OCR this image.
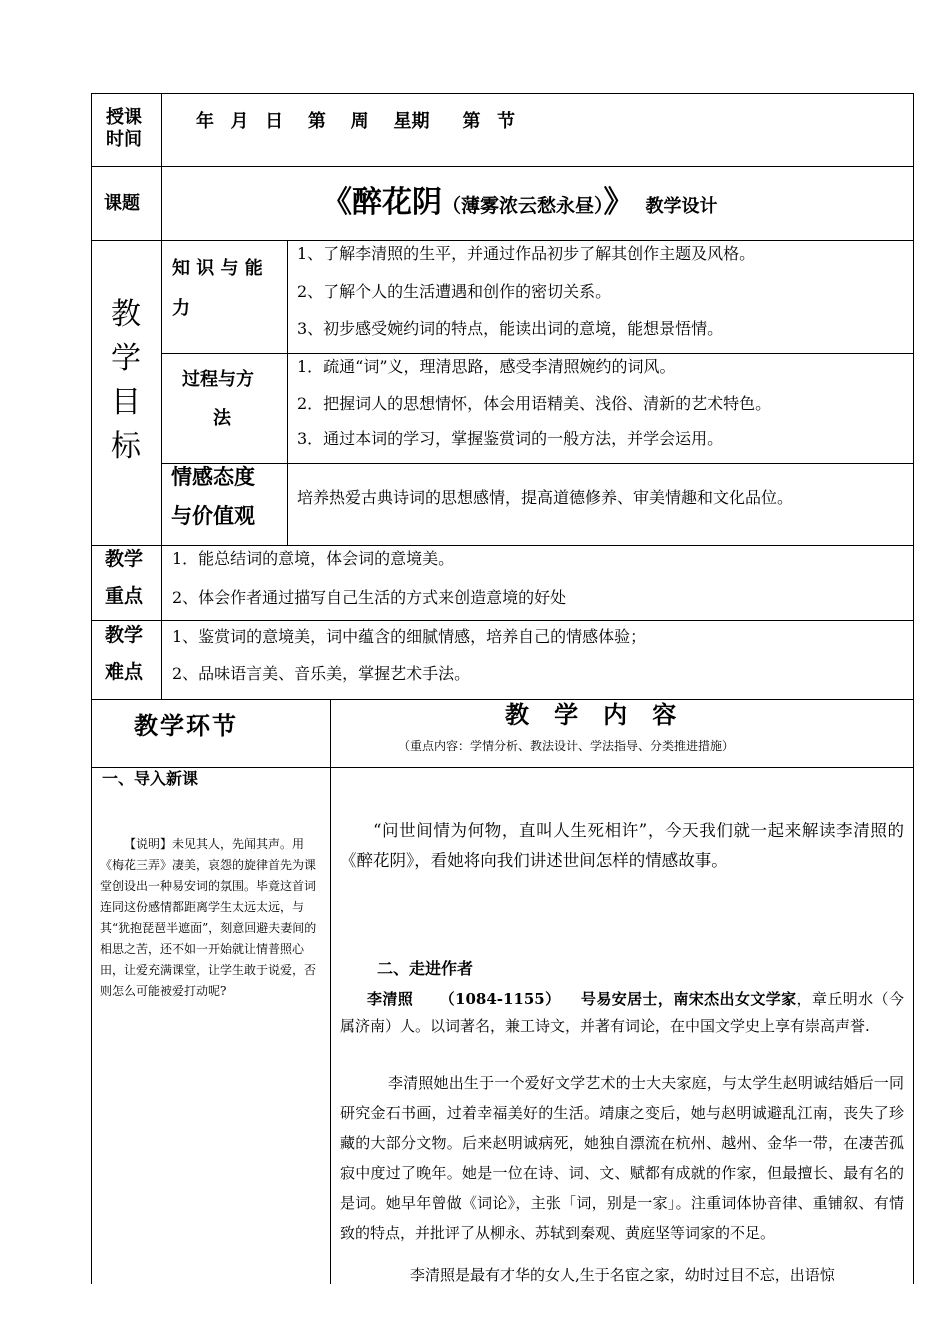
授课
时间
年  月  日   第   周   星期    第  节
课题	《醉花阴（薄雾浓云愁永昼）》 教学设计
教
学
目
标
知 识 与 能
力
1、了解李清照的生平，并通过作品初步了解其创作主题及风格。
2、了解个人的生活遭遇和创作的密切关系。
3、初步感受婉约词的特点，能读出词的意境，能想景悟情。
过程与方
法
1．疏通“词”义，理清思路，感受李清照婉约的词风。
2．把握词人的思想情怀，体会用语精美、浅俗、清新的艺术特色。
3．通过本词的学习，掌握鉴赏词的一般方法，并学会运用。
情感态度
与价值观
培养热爱古典诗词的思想感情，提高道德修养、审美情趣和文化品位。
教学
重点
1．能总结词的意境，体会词的意境美。
2、体会作者通过描写自己生活的方式来创造意境的好处
教学
难点
1、鉴赏词的意境美，词中蕴含的细腻情感，培养自己的情感体验；
2、品味语言美、音乐美，掌握艺术手法。
教学环节	教   学   内   容
（重点内容：学情分析、教法设计、学法指导、分类推进措施）
一、导入新课

【说明】未见其人，先闻其声。用《梅花三弄》凄美，哀怨的旋律首先为课堂创设出一种易安词的氛围。毕竟这首词连同这份感情都距离学生太远太远，与其“犹抱琵琶半遮面”，刻意回避夫妻间的相思之苦，还不如一开始就让情普照心田，让爱充满课堂，让学生敢于说爱，否则怎么可能被爱打动呢?

“问世间情为何物，直叫人生死相许”，今天我们就一起来解读李清照的《醉花阴》，看她将向我们讲述世间怎样的情感故事。

二、走进作者

李清照 （1084-1155） 号易安居士，南宋杰出女文学家，章丘明水（今属济南）人。以词著名，兼工诗文，并著有词论，在中国文学史上享有崇高声誉.

李清照她出生于一个爱好文学艺术的士大夫家庭，与太学生赵明诚结婚后一同研究金石书画，过着幸福美好的生活。靖康之变后，她与赵明诚避乱江南，丧失了珍藏的大部分文物。后来赵明诚病死，她独自漂流在杭州、越州、金华一带，在凄苦孤寂中度过了晚年。她是一位在诗、词、文、赋都有成就的作家，但最擅长、最有名的是词。她早年曾做《词论》，主张「词，别是一家」。注重词体协音律、重铺叙、有情致的特点，并批评了从柳永、苏轼到秦观、黄庭坚等词家的不足。

李清照是最有才华的女人,生于名宦之家，幼时过目不忘，出语惊
